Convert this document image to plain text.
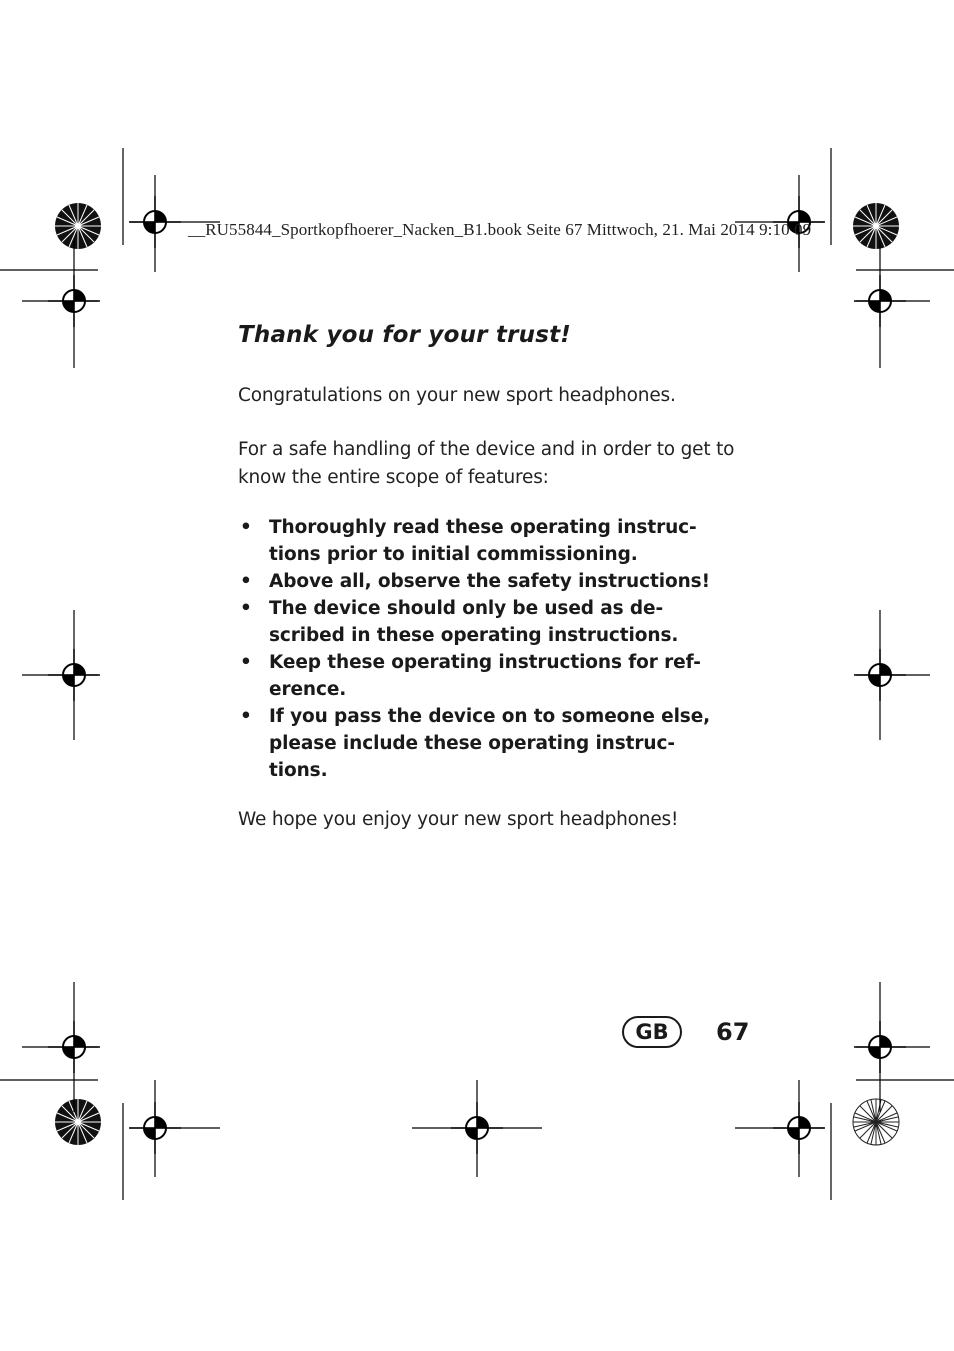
__RU55844_Sportkopfhoerer_Nacken_B1.book Seite 67 Mittwoch, 21. Mai 2014 9:10 09
Thank you for your trust!

Congratulations on your new sport headphones.

For a safe handling of the device and in order to get to
know the entire scope of features:

• Thoroughly read these operating instruc-
tions prior to initial commissioning.
• Above all, observe the safety instructions!
• The device should only be used as de-
scribed in these operating instructions.
• Keep these operating instructions for ref-
erence.
• If you pass the device on to someone else,
please include these operating instruc-
tions.

We hope you enjoy your new sport headphones!

GB	67
